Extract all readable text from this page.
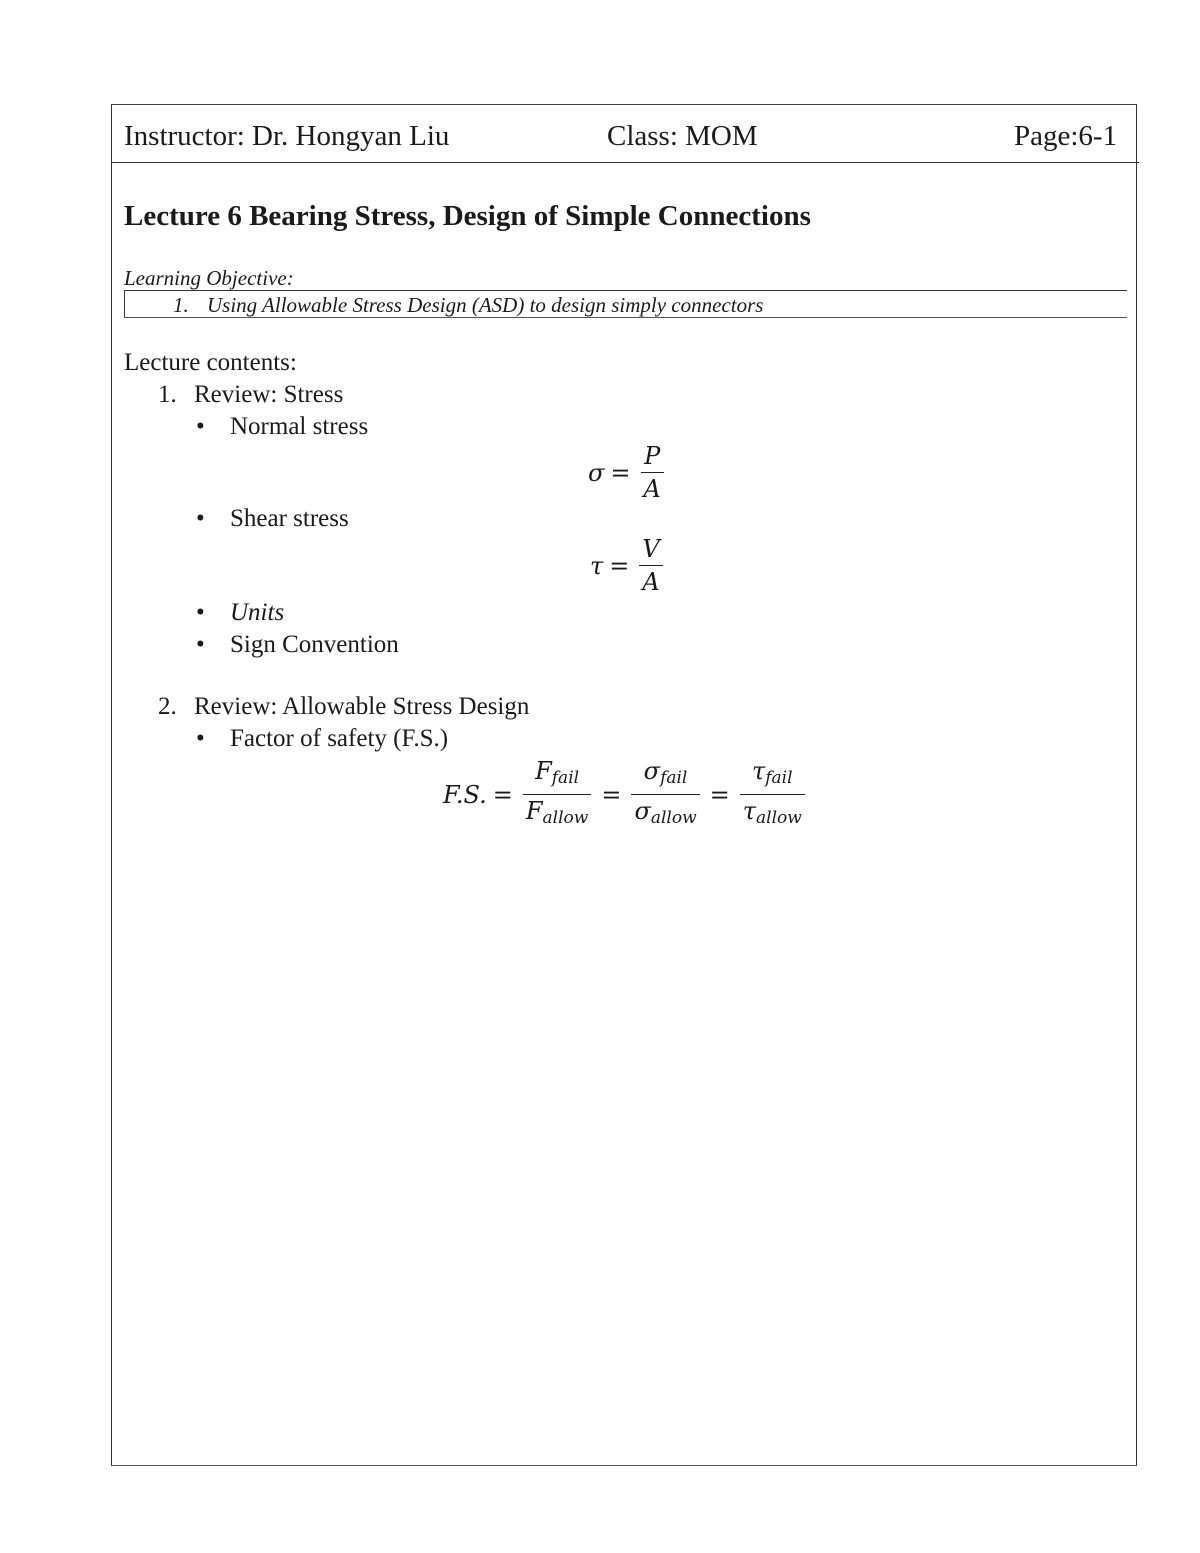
Instructor: Dr. Hongyan Liu	Class: MOM	Page:6-1
Lecture 6 Bearing Stress, Design of Simple Connections
Learning Objective:
1. Using Allowable Stress Design (ASD) to design simply connectors
Lecture contents:
1. Review: Stress
• Normal stress
$\sigma = \frac{P}{A}$
• Shear stress
$\tau = \frac{V}{A}$
• Units
• Sign Convention
2. Review: Allowable Stress Design
• Factor of safety (F.S.)
F.S. = $\frac{F_{fail}}{F_{allow}} = \frac{\sigma_{fail}}{\sigma_{allow}} = \frac{\tau_{fail}}{\tau_{allow}}$
